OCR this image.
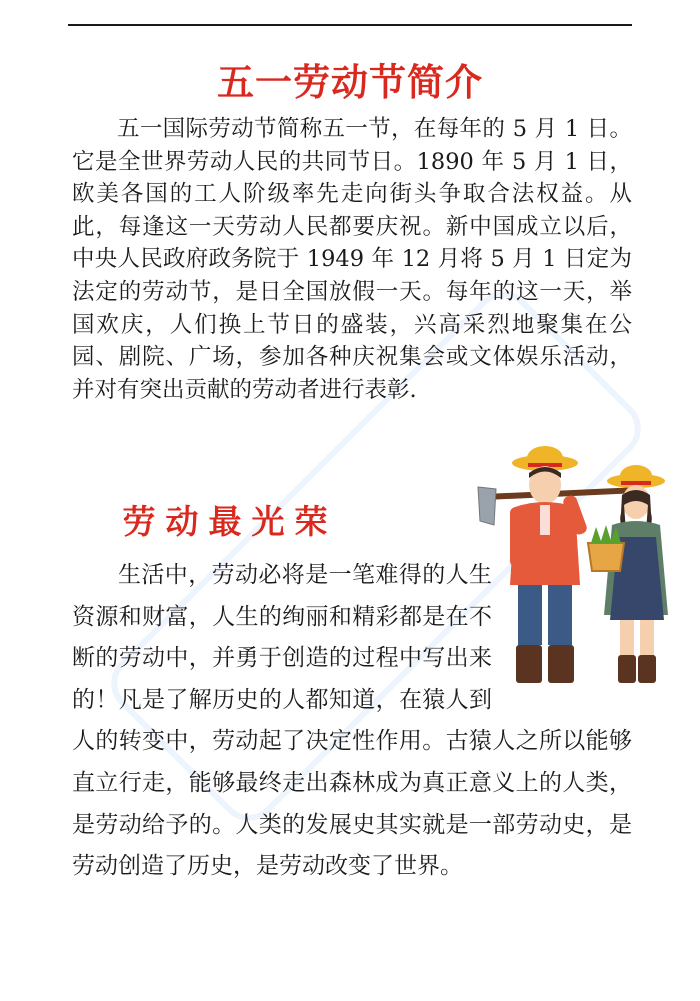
五一劳动节简介

五一国际劳动节简称五一节，在每年的 5 月 1 日。它是全世界劳动人民的共同节日。1890 年 5 月 1 日，欧美各国的工人阶级率先走向街头争取合法权益。从此，每逢这一天劳动人民都要庆祝。新中国成立以后，中央人民政府政务院于 1949 年 12 月将 5 月 1 日定为法定的劳动节，是日全国放假一天。每年的这一天，举国欢庆，人们换上节日的盛装，兴高采烈地聚集在公园、剧院、广场，参加各种庆祝集会或文体娱乐活动，并对有突出贡献的劳动者进行表彰.

劳动最光荣
生活中，劳动必将是一笔难得的人生资源和财富，人生的绚丽和精彩都是在不断的劳动中，并勇于创造的过程中写出来的！凡是了解历史的人都知道，在猿人到人的转变中，劳动起了决定性作用。古猿人之所以能够直立行走，能够最终走出森林成为真正意义上的人类，是劳动给予的。人类的发展史其实就是一部劳动史，是劳动创造了历史，是劳动改变了世界。
